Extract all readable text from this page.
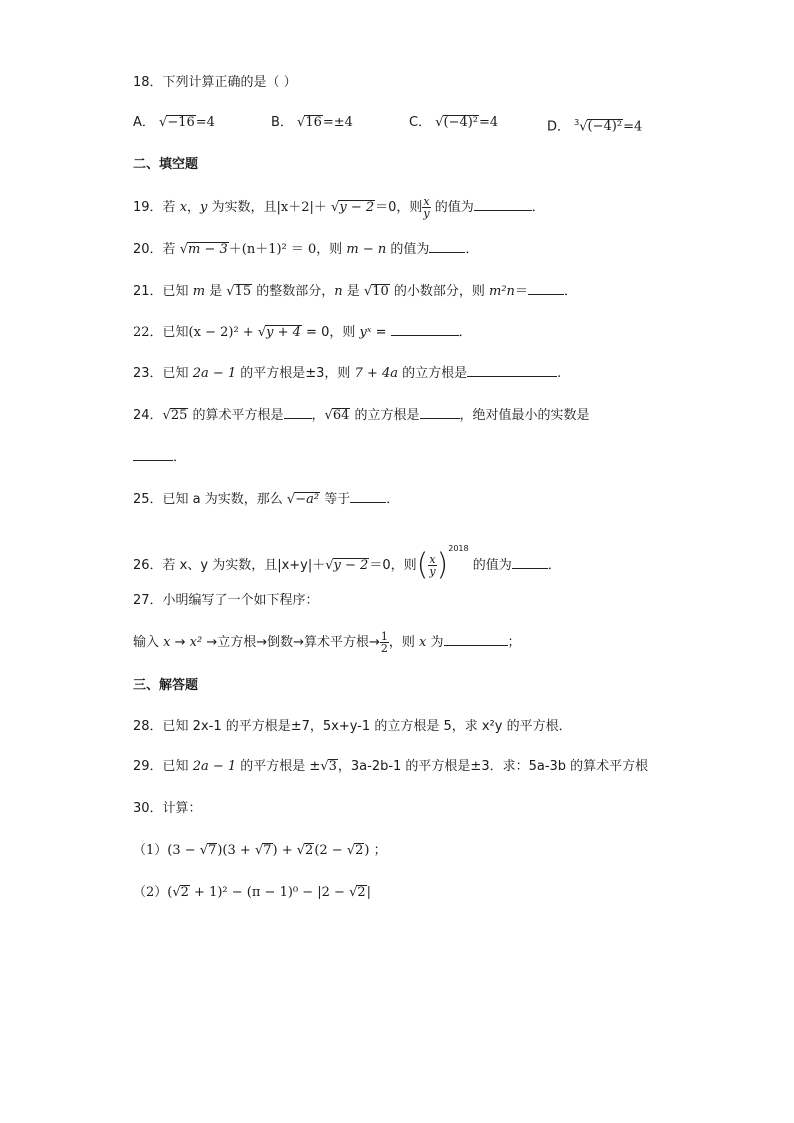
18．下列计算正确的是（ ）
A． √−16=4	B． √16=±4	C． √(−4)²=4	D． $^3$√(−4)²=4
二、填空题
19．若 x，y 为实数，且|x＋2|＋ √y − 2＝0，则 $\frac{x}{y}$ 的值为	．
20．若 √m − 3＋(n＋1)² ＝ 0，则 m − n 的值为	．
21．已知 m 是 √15 的整数部分，n 是 √10 的小数部分，则 m²n＝	．
22．已知(x − 2)² + √y + 4 = 0，则 yˣ =	．
23．已知 2a − 1 的平方根是±3，则 7 + 4a 的立方根是	.
24．√25 的算术平方根是 ，√64 的立方根是	，绝对值最小的实数是
．
25．已知 a 为实数，那么 √−a² 等于	．
26．若 x、y 为实数，且|x+y|＋√y − 2＝0，则( $\frac{x}{y} )^{2018}$ 的值为	．
27．小明编写了一个如下程序：
输入 x → x² →立方根→倒数→算术平方根→ $\frac{1}{2}$ ，则 x 为	；
三、解答题
28．已知 2x-1 的平方根是±7，5x+y-1 的立方根是 5，求 x²y 的平方根．
29．已知 2a − 1 的平方根是 ±√3，3a-2b-1 的平方根是±3．求：5a-3b 的算术平方根
30．计算：
（1）(3 − √7)(3 + √7) + √2(2 − √2) ；
（2）(√2 + 1)² − (π − 1)⁰ − |2 − √2|
